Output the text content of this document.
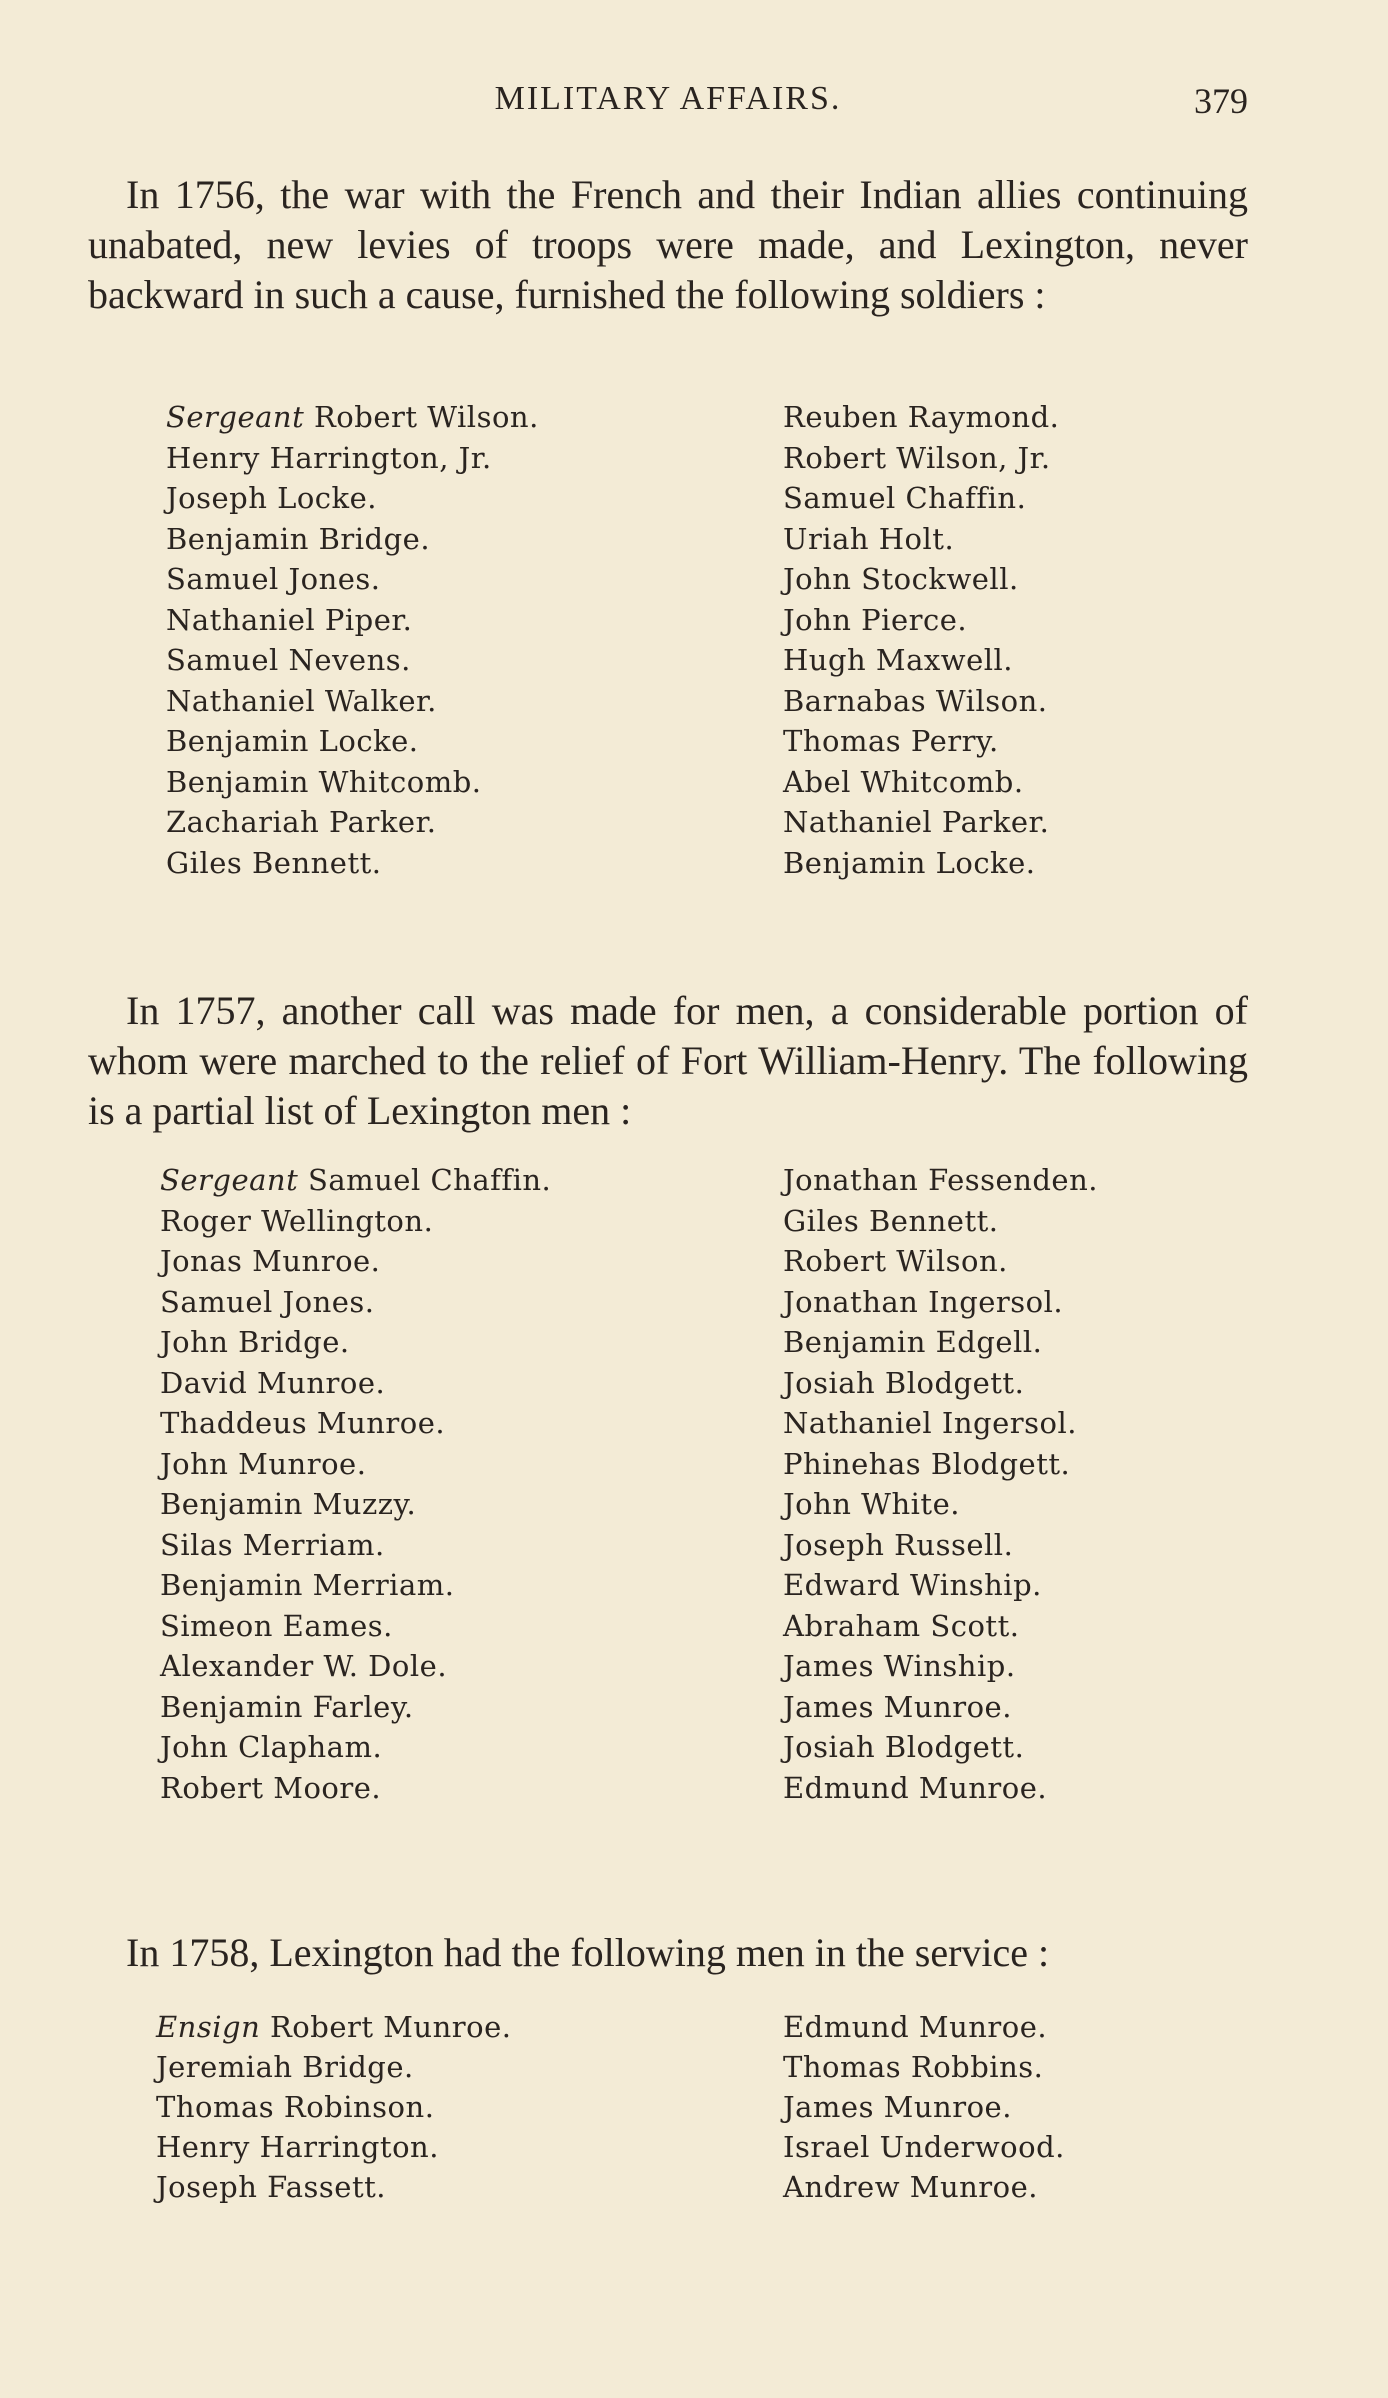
MILITARY AFFAIRS.	379

In 1756, the war with the French and their Indian allies continuing unabated, new levies of troops were made, and Lexington, never backward in such a cause, furnished the following soldiers :

Sergeant Robert Wilson.
Henry Harrington, Jr.
Joseph Locke.
Benjamin Bridge.
Samuel Jones.
Nathaniel Piper.
Samuel Nevens.
Nathaniel Walker.
Benjamin Locke.
Benjamin Whitcomb.
Zachariah Parker.
Giles Bennett.
Reuben Raymond.
Robert Wilson, Jr.
Samuel Chaffin.
Uriah Holt.
John Stockwell.
John Pierce.
Hugh Maxwell.
Barnabas Wilson.
Thomas Perry.
Abel Whitcomb.
Nathaniel Parker.
Benjamin Locke.

In 1757, another call was made for men, a considerable portion of whom were marched to the relief of Fort William-Henry. The following is a partial list of Lexington men :

Sergeant Samuel Chaffin.
Roger Wellington.
Jonas Munroe.
Samuel Jones.
John Bridge.
David Munroe.
Thaddeus Munroe.
John Munroe.
Benjamin Muzzy.
Silas Merriam.
Benjamin Merriam.
Simeon Eames.
Alexander W. Dole.
Benjamin Farley.
John Clapham.
Robert Moore.
Jonathan Fessenden.
Giles Bennett.
Robert Wilson.
Jonathan Ingersol.
Benjamin Edgell.
Josiah Blodgett.
Nathaniel Ingersol.
Phinehas Blodgett.
John White.
Joseph Russell.
Edward Winship.
Abraham Scott.
James Winship.
James Munroe.
Josiah Blodgett.
Edmund Munroe.

In 1758, Lexington had the following men in the service :

Ensign Robert Munroe.
Jeremiah Bridge.
Thomas Robinson.
Henry Harrington.
Joseph Fassett.
Edmund Munroe.
Thomas Robbins.
James Munroe.
Israel Underwood.
Andrew Munroe.
